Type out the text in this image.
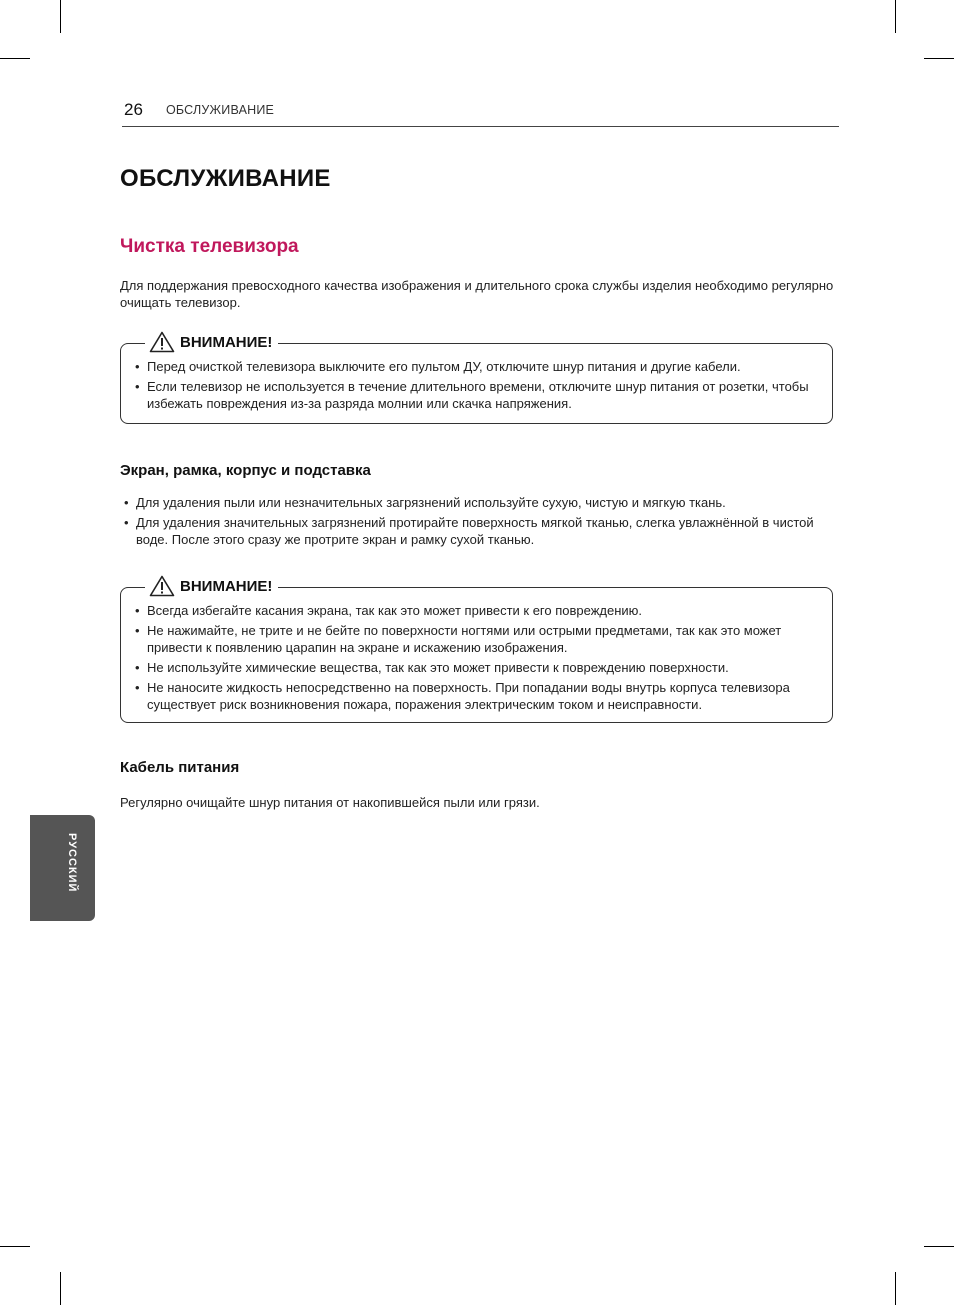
26 ОБСЛУЖИВАНИЕ
ОБСЛУЖИВАНИЕ
Чистка телевизора

Для поддержания превосходного качества изображения и длительного срока службы изделия необходимо регулярно очищать телевизор.

ВНИМАНИЕ!
• Перед очисткой телевизора выключите его пультом ДУ, отключите шнур питания и другие кабели.
• Если телевизор не используется в течение длительного времени, отключите шнур питания от розетки, чтобы избежать повреждения из-за разряда молнии или скачка напряжения.
Экран, рамка, корпус и подставка
• Для удаления пыли или незначительных загрязнений используйте сухую, чистую и мягкую ткань.
• Для удаления значительных загрязнений протирайте поверхность мягкой тканью, слегка увлажнённой в чистой воде. После этого сразу же протрите экран и рамку сухой тканью.
ВНИМАНИЕ!
• Всегда избегайте касания экрана, так как это может привести к его повреждению.
• Не нажимайте, не трите и не бейте по поверхности ногтями или острыми предметами, так как это может привести к появлению царапин на экране и искажению изображения.
• Не используйте химические вещества, так как это может привести к повреждению поверхности.
• Не наносите жидкость непосредственно на поверхность. При попадании воды внутрь корпуса телевизора существует риск возникновения пожара, поражения электрическим током и неисправности.
Кабель питания

Регулярно очищайте шнур питания от накопившейся пыли или грязи.

РУССКИЙ
